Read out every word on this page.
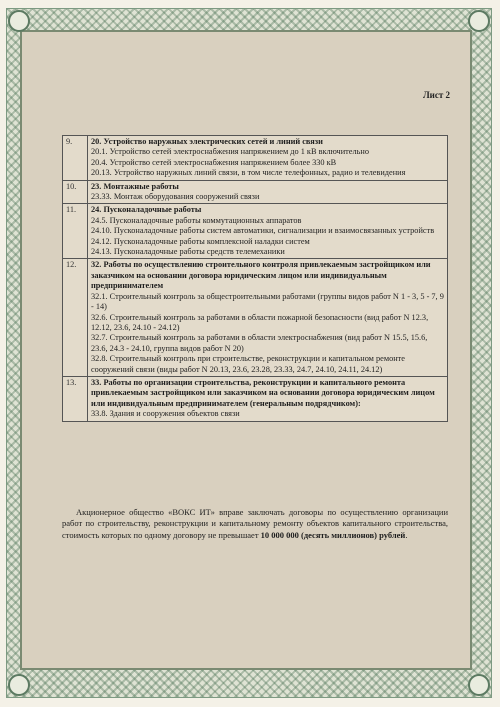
Лист 2
9.	20. Устройство наружных электрических сетей и линий связи
20.1. Устройство сетей электроснабжения напряжением до 1 кВ включительно
20.4. Устройство сетей электроснабжения напряжением более 330 кВ
20.13. Устройство наружных линий связи, в том числе телефонных, радио и телевидения

10.	23. Монтажные работы
23.33. Монтаж оборудования сооружений связи

11.	24. Пусконаладочные работы
24.5. Пусконаладочные работы коммутационных аппаратов
24.10. Пусконаладочные работы систем автоматики, сигнализации и взаимосвязанных устройств
24.12. Пусконаладочные работы комплексной наладки систем
24.13. Пусконаладочные работы средств телемеханики

12.	32. Работы по осуществлению строительного контроля привлекаемым застройщиком или заказчиком на основании договора юридическим лицом или индивидуальным предпринимателем
32.1. Строительный контроль за общестроительными работами (группы видов работ N 1 - 3, 5 - 7, 9 - 14)
32.6. Строительный контроль за работами в области пожарной безопасности (вид работ N 12.3, 12.12, 23.6, 24.10 - 24.12)
32.7. Строительный контроль за работами в области электроснабжения (вид работ N 15.5, 15.6, 23.6, 24.3 - 24.10, группа видов работ N 20)
32.8. Строительный контроль при строительстве, реконструкции и капитальном ремонте сооружений связи (виды работ N 20.13, 23.6, 23.28, 23.33, 24.7, 24.10, 24.11, 24.12)

13.	33. Работы по организации строительства, реконструкции и капитального ремонта привлекаемым застройщиком или заказчиком на основании договора юридическим лицом или индивидуальным предпринимателем (генеральным подрядчиком):
33.8. Здания и сооружения объектов связи
Акционерное общество «ВОКС ИТ» вправе заключать договоры по осуществлению организации работ по строительству, реконструкции и капитальному ремонту объектов капитального строительства, стоимость которых по одному договору не превышает 10 000 000 (десять миллионов) рублей.
